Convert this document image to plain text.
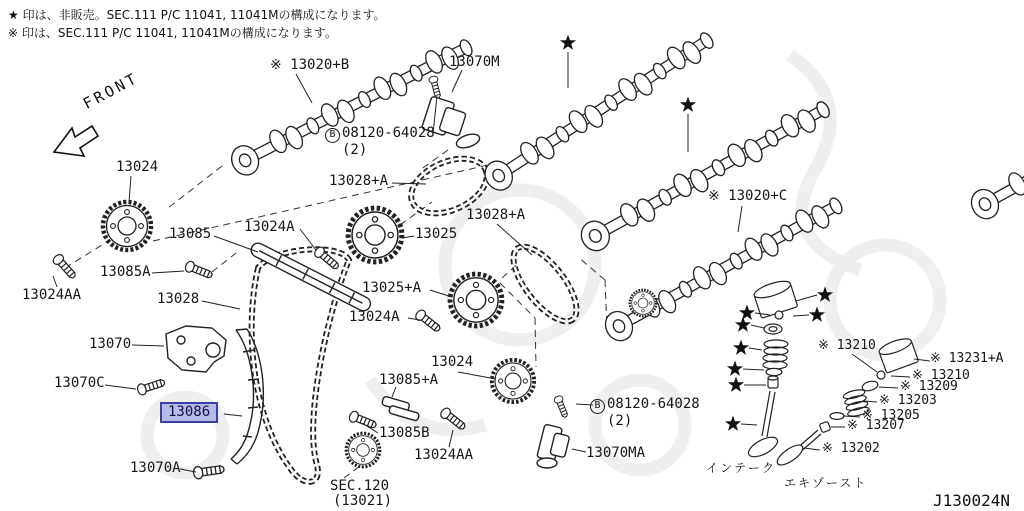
★ 印は、非販売。SEC.111 P/C 11041, 11041Mの構成になります。
※ 印は、SEC.111 P/C 11041, 11041Mの構成になります。
FRONT
※ 13020+B	13070M
B 08120-64028
(2)
13024
13028+A
13085 13024A	13025
13028+A
13085A
13024AA	13028
13025+A
13024A
13070
※ 13020+C
13070C	13085+A
13024
13086
13085B
13024AA
13070A
SEC.120
(13021)
B 08120-64028
(2)
13070MA
※ 13210
※ 13231+A
※ 13210
※ 13209
※ 13203
※ 13205
※ 13207
※ 13202
インテーク
エキゾースト
J130024N
